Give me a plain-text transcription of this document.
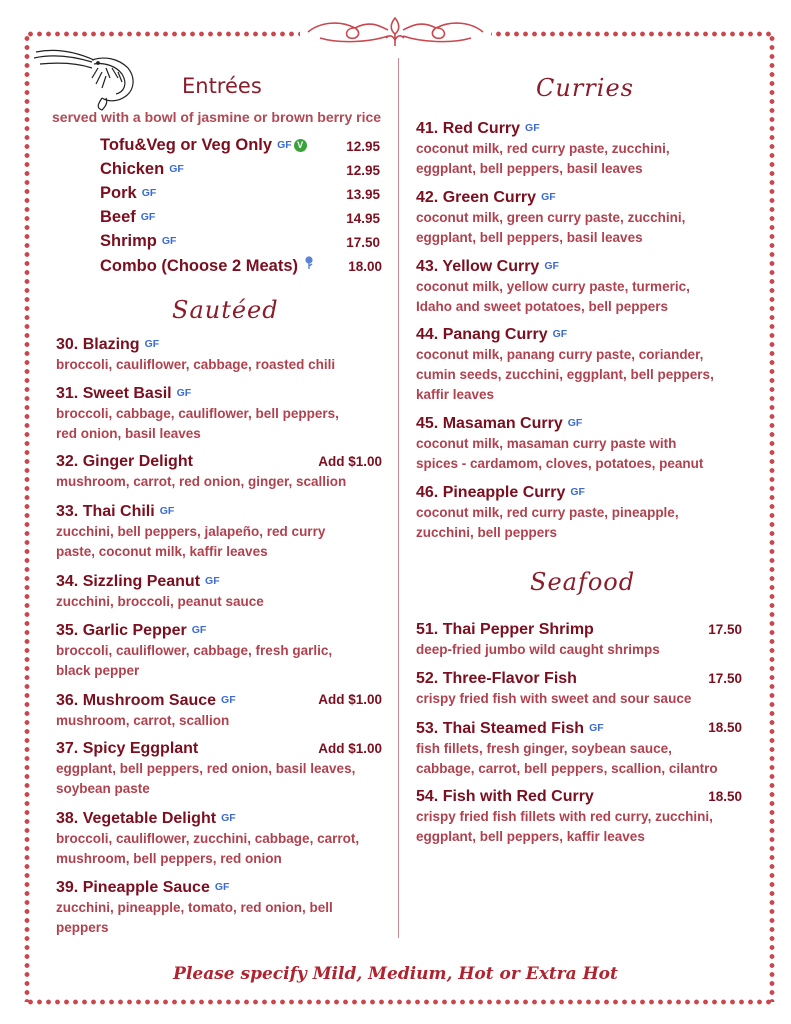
Entrées
served with a bowl of jasmine or brown berry rice
Tofu&Veg or Veg Only GF V	12.95
Chicken GF	12.95
Pork GF	13.95
Beef GF	14.95
Shrimp GF	17.50
Combo (Choose 2 Meats)	18.00
Sautéed
30. Blazing GF
broccoli, cauliflower, cabbage, roasted chili
31. Sweet Basil GF
broccoli, cabbage, cauliflower, bell peppers, red onion, basil leaves
32. Ginger Delight	Add $1.00
mushroom, carrot, red onion, ginger, scallion
33. Thai Chili GF
zucchini, bell peppers, jalapeño, red curry paste, coconut milk, kaffir leaves
34. Sizzling Peanut GF
zucchini, broccoli, peanut sauce
35. Garlic Pepper GF
broccoli, cauliflower, cabbage, fresh garlic, black pepper
36. Mushroom Sauce GF	Add $1.00
mushroom, carrot, scallion
37. Spicy Eggplant	Add $1.00
eggplant, bell peppers, red onion, basil leaves, soybean paste
38. Vegetable Delight GF
broccoli, cauliflower, zucchini, cabbage, carrot, mushroom, bell peppers, red onion
39. Pineapple Sauce GF
zucchini, pineapple, tomato, red onion, bell peppers
Curries
41. Red Curry GF
coconut milk, red curry paste, zucchini, eggplant, bell peppers, basil leaves
42. Green Curry GF
coconut milk, green curry paste, zucchini, eggplant, bell peppers, basil leaves
43. Yellow Curry GF
coconut milk, yellow curry paste, turmeric, Idaho and sweet potatoes, bell peppers
44. Panang Curry GF
coconut milk, panang curry paste, coriander, cumin seeds, zucchini, eggplant, bell peppers, kaffir leaves
45. Masaman Curry GF
coconut milk, masaman curry paste with spices - cardamom, cloves, potatoes, peanut
46. Pineapple Curry GF
coconut milk, red curry paste, pineapple, zucchini, bell peppers
Seafood
51. Thai Pepper Shrimp	17.50
deep-fried jumbo wild caught shrimps
52. Three-Flavor Fish	17.50
crispy fried fish with sweet and sour sauce
53. Thai Steamed Fish GF	18.50
fish fillets, fresh ginger, soybean sauce, cabbage, carrot, bell peppers, scallion, cilantro
54. Fish with Red Curry	18.50
crispy fried fish fillets with red curry, zucchini, eggplant, bell peppers, kaffir leaves
Please specify Mild, Medium, Hot or Extra Hot
